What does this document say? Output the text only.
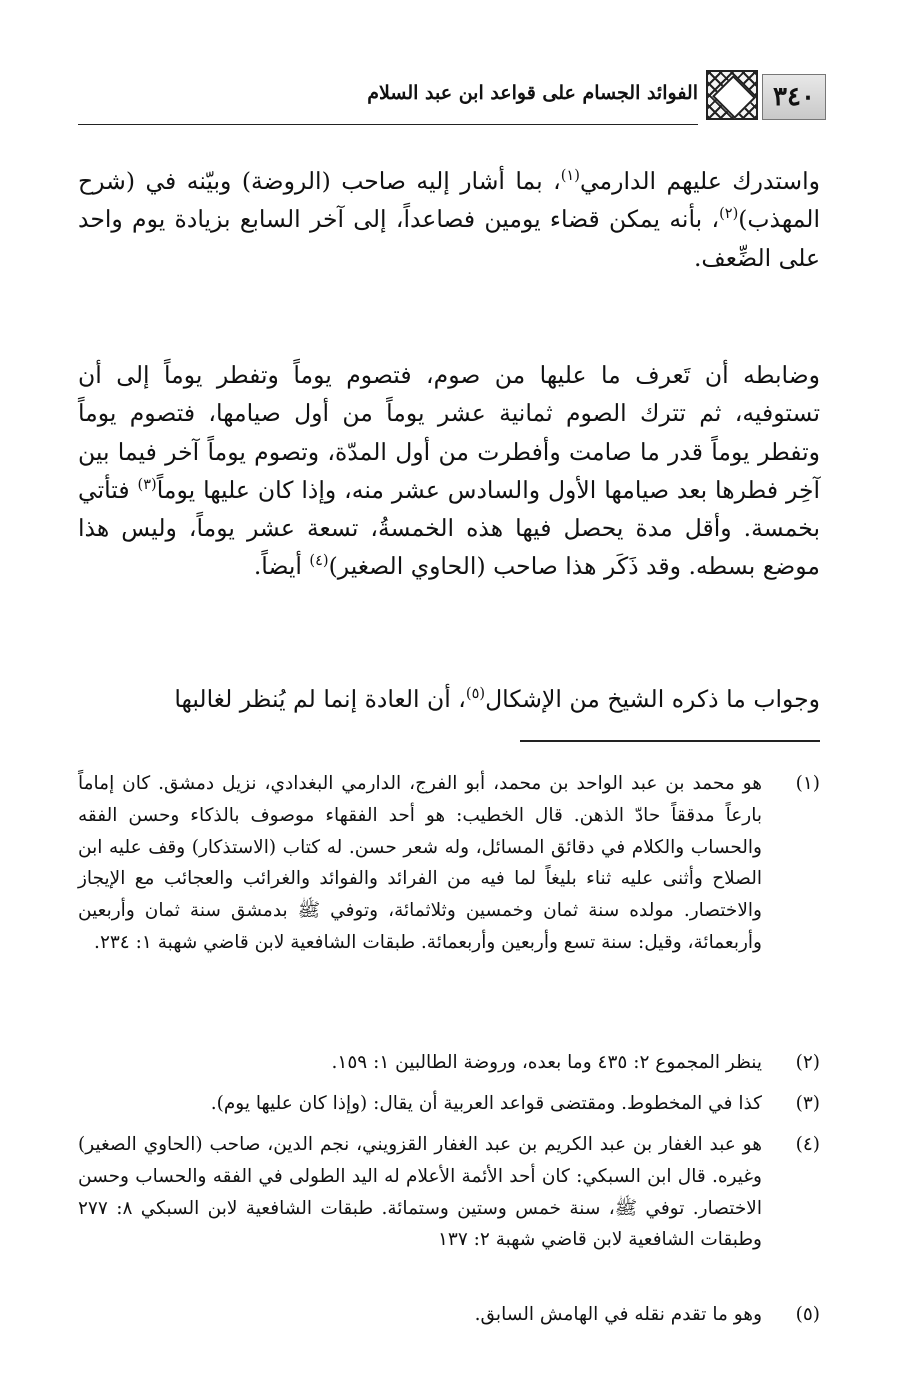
٣٤٠
الفوائد الجسام على قواعد ابن عبد السلام
واستدرك عليهم الدارمي$^{(١)}$، بما أشار إليه صاحب (الروضة) وبيّنه في (شرح المهذب)$^{(٢)}$، بأنه يمكن قضاء يومين فصاعداً، إلى آخر السابع بزيادة يوم واحد على الضِّعف.
وضابطه أن تَعرف ما عليها من صوم، فتصوم يوماً وتفطر يوماً إلى أن تستوفيه، ثم تترك الصوم ثمانية عشر يوماً من أول صيامها، فتصوم يوماً وتفطر يوماً قدر ما صامت وأفطرت من أول المدّة، وتصوم يوماً آخر فيما بين آخِر فطرها بعد صيامها الأول والسادس عشر منه، وإذا كان عليها يوماً$^{(٣)}$ فتأتي بخمسة. وأقل مدة يحصل فيها هذه الخمسةُ، تسعة عشر يوماً، وليس هذا موضع بسطه. وقد ذَكَر هذا صاحب (الحاوي الصغير)$^{(٤)}$ أيضاً.
وجواب ما ذكره الشيخ من الإشكال$^{(٥)}$، أن العادة إنما لم يُنظر لغالبها
(١)
هو محمد بن عبد الواحد بن محمد، أبو الفرج، الدارمي البغدادي، نزيل دمشق. كان إماماً بارعاً مدققاً حادّ الذهن. قال الخطيب: هو أحد الفقهاء موصوف بالذكاء وحسن الفقه والحساب والكلام في دقائق المسائل، وله شعر حسن. له كتاب (الاستذكار) وقف عليه ابن الصلاح وأثنى عليه ثناء بليغاً لما فيه من الفرائد والفوائد والغرائب والعجائب مع الإيجاز والاختصار. مولده سنة ثمان وخمسين وثلاثمائة، وتوفي ﷺ بدمشق سنة ثمان وأربعين وأربعمائة، وقيل: سنة تسع وأربعين وأربعمائة. طبقات الشافعية لابن قاضي شهبة ١: ٢٣٤.
(٢)
ينظر المجموع ٢: ٤٣٥ وما بعده، وروضة الطالبين ١: ١٥٩.
(٣)
كذا في المخطوط. ومقتضى قواعد العربية أن يقال: (وإذا كان عليها يوم).
(٤)
هو عبد الغفار بن عبد الكريم بن عبد الغفار القزويني، نجم الدين، صاحب (الحاوي الصغير) وغيره. قال ابن السبكي: كان أحد الأئمة الأعلام له اليد الطولى في الفقه والحساب وحسن الاختصار. توفي ﷺ، سنة خمس وستين وستمائة. طبقات الشافعية لابن السبكي ٨: ٢٧٧ وطبقات الشافعية لابن قاضي شهبة ٢: ١٣٧
(٥)
وهو ما تقدم نقله في الهامش السابق.
